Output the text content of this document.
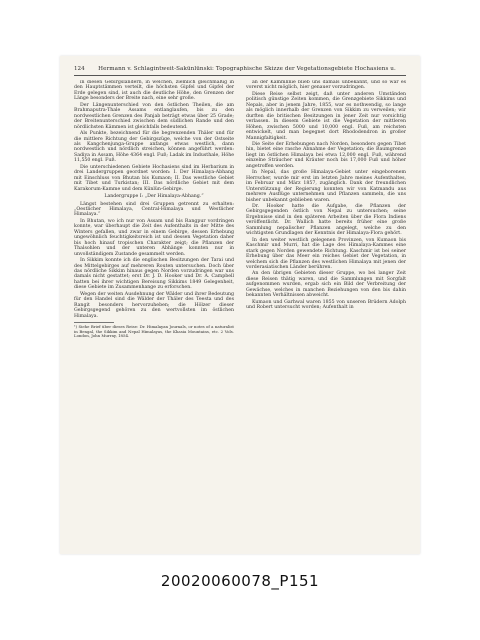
124	Hermann v. Schlagintweit-Sakünlünski: Topographische Skizze der Vegetationsgebiete Hochasiens u.

in diesen Gebirgsländern, in welchen, ziemlich gleichmäßig in den Hauptstämmen verteilt, die höchsten Gipfel und Gipfel der Erde gelegen sind, ist auch die deutliche Höhe, den Grenzen der Länge besonders der Breite nach, eine sehr große.

Der Längenunterschied von den östlichen Theilen, die am Brahmaputra-Thale Assams entlanglaufen, bis zu den nordwestlichen Grenzen des Panjab beträgt etwas über 25 Grade; der Breitenunterschied zwischen dem südlichen Rande und den nördlichsten Kämmen ist gleichfalls bedeutend.

Als Punkte, bezeichnend für die begrenzenden Thäler und für die mittlere Richtung der Gebirgszüge, welche von der Ostseite als Kangchenjunga-Gruppe anfangs etwas westlich, dann nordwestlich und nördlich streichen, können angeführt werden: Sadiya in Assam, Höhe 4364 engl. Fuß; Ladak im Industhale, Höhe 11,550 engl. Fuß.

Die unterschiedenen Gebiete Hochasiens sind im Herbarium in drei Landergruppen geordnet worden: I. Der Himalaya-Abhang mit Einschluss von Bhutan bis Kumaon; II. Das westliche Gebiet mit Tibet und Turkistan; III. Das nördliche Gebiet mit dem Karakorum-Kamme und dem Künlün-Gebirge.

Landergruppe I: „Der Himalaya-Abhang.“

Längst bestehen sind drei Gruppen getrennt zu erhalten: „Oestlicher Himalaya, Central-Himalaya und Westlicher Himalaya.“

In Bhutan, wo ich nur von Assam und bis Rangpur vordringen konnte, war überhaupt die Zeit des Aufenthalts in der Mitte des Winters gefallen, und zwar in einem Gebirge, dessen Erhebung ungewöhnlich feuchtigkeitsreich ist und dessen Vegetation daher bis hoch hinauf tropischen Charakter zeigt; die Pflanzen der Thalsohlen und der unteren Abhänge konnten nur in unvollständigem Zustande gesammelt werden.

In Sikkim konnte ich die englischen Besitzungen der Tarai und des Mittelgebirges auf mehreren Routen untersuchen. Doch über das nördliche Sikkim hinaus gegen Norden vorzudringen war uns damals nicht gestattet; erst Dr. J. D. Hooker und Dr. A. Campbell hatten bei ihrer wichtigen Bereisung Sikkims 1849 Gelegenheit, diese Gebiete im Zusammenhange zu erforschen.

Wegen der weiten Ausdehnung der Wälder und ihrer Bedeutung für den Handel sind die Wälder der Thäler des Teesta und des Rangit besonders hervorzuheben; die Hölzer dieser Gebirgsgegend gehören zu den wertvollsten im östlichen Himalaya.

¹) Siehe Brief über dieses Reise: Dr. Himalayan Journals, or notes of a naturalist in Bengal, the Sikkim and Nepal Himalayas, the Khasia Mountains, etc. 2 Vols. London, John Murray, 1854.

an der Kammlinie blieb uns damals unbekannt, und so war es vorerst nicht möglich, hier genauer vorzudringen.

Diese Reise selbst zeigt, daß unter anderen Umständen politisch günstige Zeiten kommen, die Grenzgebiete Sikkims und Nepals, aber in jenem Jahre, 1855, war es nothwendig, so lange als möglich innerhalb der Grenzen von Sikkim zu verweilen; wir durften die britischen Besitzungen in jener Zeit nur vorsichtig verlassen. In diesem Gebiete ist die Vegetation der mittleren Höhen, zwischen 5000 und 10,000 engl. Fuß, am reichsten entwickelt, und man begegnet dort Rhododendron in großer Mannigfaltigkeit.

Die Seite der Erhebungen nach Norden, besonders gegen Tibet hin, bietet eine rasche Abnahme der Vegetation; die Baumgrenze liegt im östlichen Himalaya bei etwa 12,000 engl. Fuß, während einzelne Sträucher und Kräuter noch bis 17,000 Fuß und höher angetroffen werden.

In Nepal, das große Himalaya-Gebiet unter eingeborenem Herrscher, wurde mir erst im letzten Jahre meines Aufenthaltes, im Februar und März 1857, zugänglich. Dank der freundlichen Unterstützung der Regierung konnten wir von Katmandu aus mehrere Ausflüge unternehmen und Pflanzen sammeln, die uns bisher unbekannt geblieben waren.

Dr. Hooker hatte die Aufgabe, die Pflanzen der Gebirgsgegenden östlich von Nepal zu untersuchen; seine Ergebnisse sind in den späteren Arbeiten über die Flora Indiens veröffentlicht. Dr. Wallich hatte bereits früher eine große Sammlung nepalischer Pflanzen angelegt, welche zu den wichtigsten Grundlagen der Kenntnis der Himalaya-Flora gehört.

In den weiter westlich gelegenen Provinzen, von Kumaon bis Kaschmir und Murri, hat die Lage des Himalaya-Kammes eine stark gegen Norden gewendete Richtung. Kaschmir ist bei seiner Erhebung über das Meer ein reiches Gebiet der Vegetation, in welchem sich die Pflanzen des westlichen Himalaya mit jenen der vorderasiatischen Länder berühren.

An den übrigen Gebieten dieser Gruppe, wo bei langer Zeit diese Reisen thätig waren, und die Sammlungen mit Sorgfalt aufgenommen wurden, ergab sich ein Bild der Verbreitung der Gewächse, welches in manchen Beziehungen von den bis dahin bekannten Verhältnissen abweicht.

Kumaon und Garhwal waren 1855 von unseren Brüdern Adolph und Robert untersucht worden; Aufenthalt in

20020060078_P151
